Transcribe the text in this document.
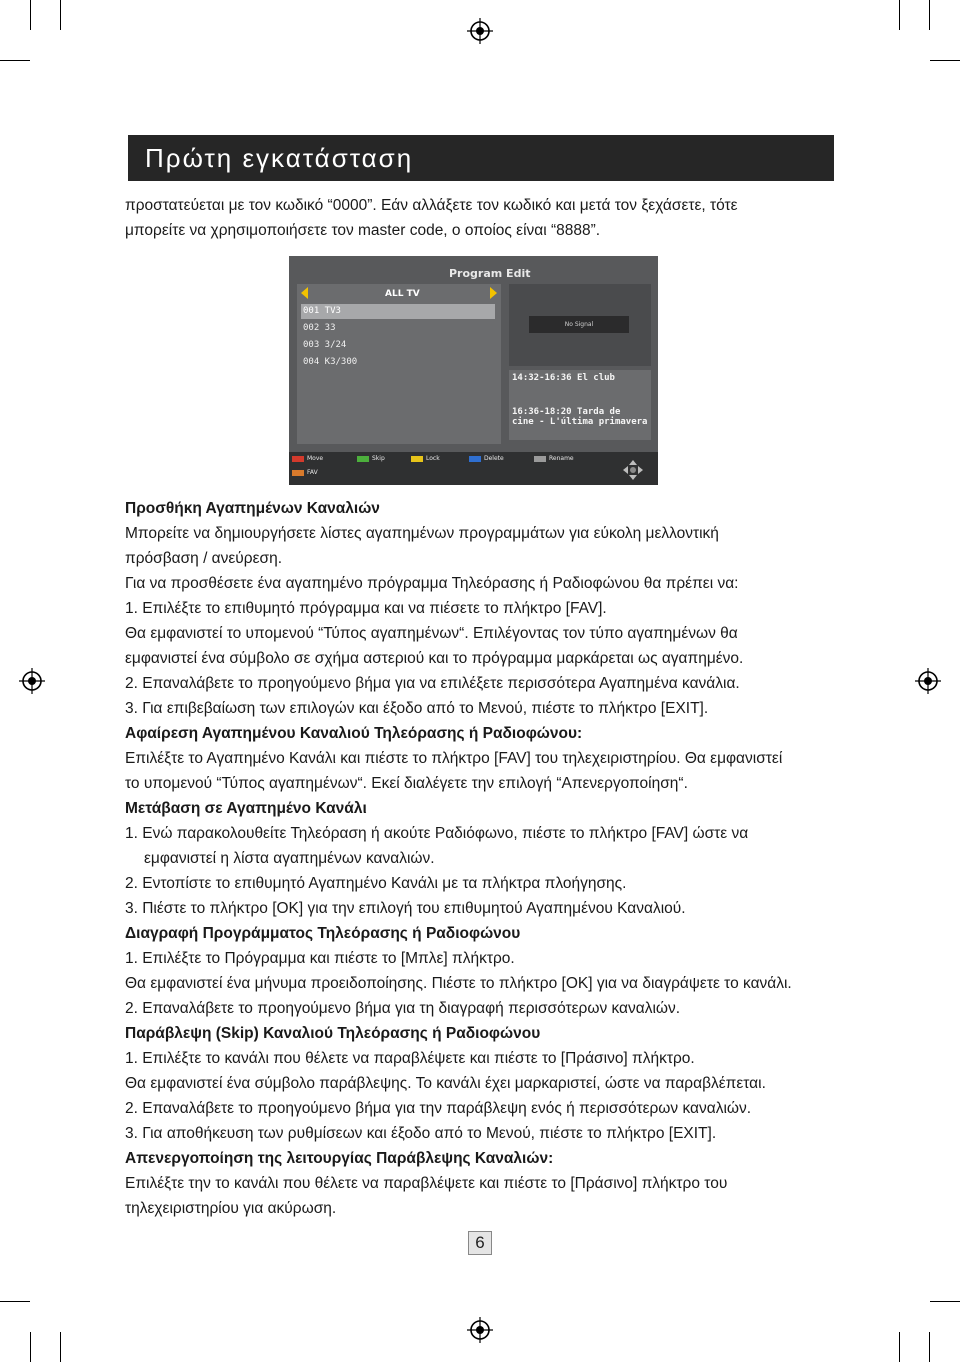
Πρώτη εγκατάσταση

προστατεύεται με τον κωδικό “0000”. Εάν αλλάξετε τον κωδικό και μετά τον ξεχάσετε, τότε

μπορείτε να χρησιμοποιήσετε τον master code, ο οποίος είναι “8888”.

Program Edit
ALL TV
001 TV3
002 33
003 3/24
004 K3/300
No Signal
14:32-16:36 El club
16:36-18:20 Tarda de
cine - L'última primavera
Move	Skip	Lock	Delete	Rename
FAV

Προσθήκη Αγαπημένων Καναλιών

Μπορείτε να δημιουργήσετε λίστες αγαπημένων προγραμμάτων για εύκολη μελλοντική

πρόσβαση / ανεύρεση.

Για να προσθέσετε ένα αγαπημένο πρόγραμμα Τηλεόρασης ή Ραδιοφώνου θα πρέπει να:

1. Επιλέξτε το επιθυμητό πρόγραμμα και να πιέσετε το πλήκτρο [FAV].

Θα εμφανιστεί το υπομενού “Τύπος αγαπημένων“. Επιλέγοντας τον τύπο αγαπημένων θα

εμφανιστεί ένα σύμβολο σε σχήμα αστεριού και το πρόγραμμα μαρκάρεται ως αγαπημένο.

2. Επαναλάβετε το προηγούμενο βήμα για να επιλέξετε περισσότερα Αγαπημένα κανάλια.

3. Για επιβεβαίωση των επιλογών και έξοδο από το Μενού, πιέστε το πλήκτρο [EXIT].

Αφαίρεση Αγαπημένου Καναλιού Τηλεόρασης ή Ραδιοφώνου:

Επιλέξτε το Αγαπημένο Κανάλι και πιέστε το πλήκτρο [FAV] του τηλεχειριστηρίου. Θα εμφανιστεί

το υπομενού “Τύπος αγαπημένων“. Εκεί διαλέγετε την επιλογή “Απενεργοποίηση“.

Μετάβαση σε Αγαπημένο Κανάλι

1. Ενώ παρακολουθείτε Τηλεόραση ή ακούτε Ραδιόφωνο, πιέστε το πλήκτρο [FAV] ώστε να

εμφανιστεί η λίστα αγαπημένων καναλιών.

2. Εντοπίστε το επιθυμητό Αγαπημένο Κανάλι με τα πλήκτρα πλοήγησης.

3. Πιέστε το πλήκτρο [OK] για την επιλογή του επιθυμητού Αγαπημένου Καναλιού.

Διαγραφή Προγράμματος Τηλεόρασης ή Ραδιοφώνου

1. Επιλέξτε το Πρόγραμμα και πιέστε το [Μπλε] πλήκτρο.

Θα εμφανιστεί ένα μήνυμα προειδοποίησης. Πιέστε το πλήκτρο [OK] για να διαγράψετε το κανάλι.

2. Επαναλάβετε το προηγούμενο βήμα για τη διαγραφή περισσότερων καναλιών.

Παράβλεψη (Skip) Καναλιού Τηλεόρασης ή Ραδιοφώνου

1. Επιλέξτε το κανάλι που θέλετε να παραβλέψετε και πιέστε το [Πράσινο] πλήκτρο.

Θα εμφανιστεί ένα σύμβολο παράβλεψης. Το κανάλι έχει μαρκαριστεί, ώστε να παραβλέπεται.

2. Επαναλάβετε το προηγούμενο βήμα για την παράβλεψη ενός ή περισσότερων καναλιών.

3. Για αποθήκευση των ρυθμίσεων και έξοδο από το Μενού, πιέστε το πλήκτρο [EXIT].

Απενεργοποίηση της λειτουργίας Παράβλεψης Καναλιών:

Επιλέξτε την το κανάλι που θέλετε να παραβλέψετε και πιέστε το [Πράσινο] πλήκτρο του

τηλεχειριστηρίου για ακύρωση.

6
